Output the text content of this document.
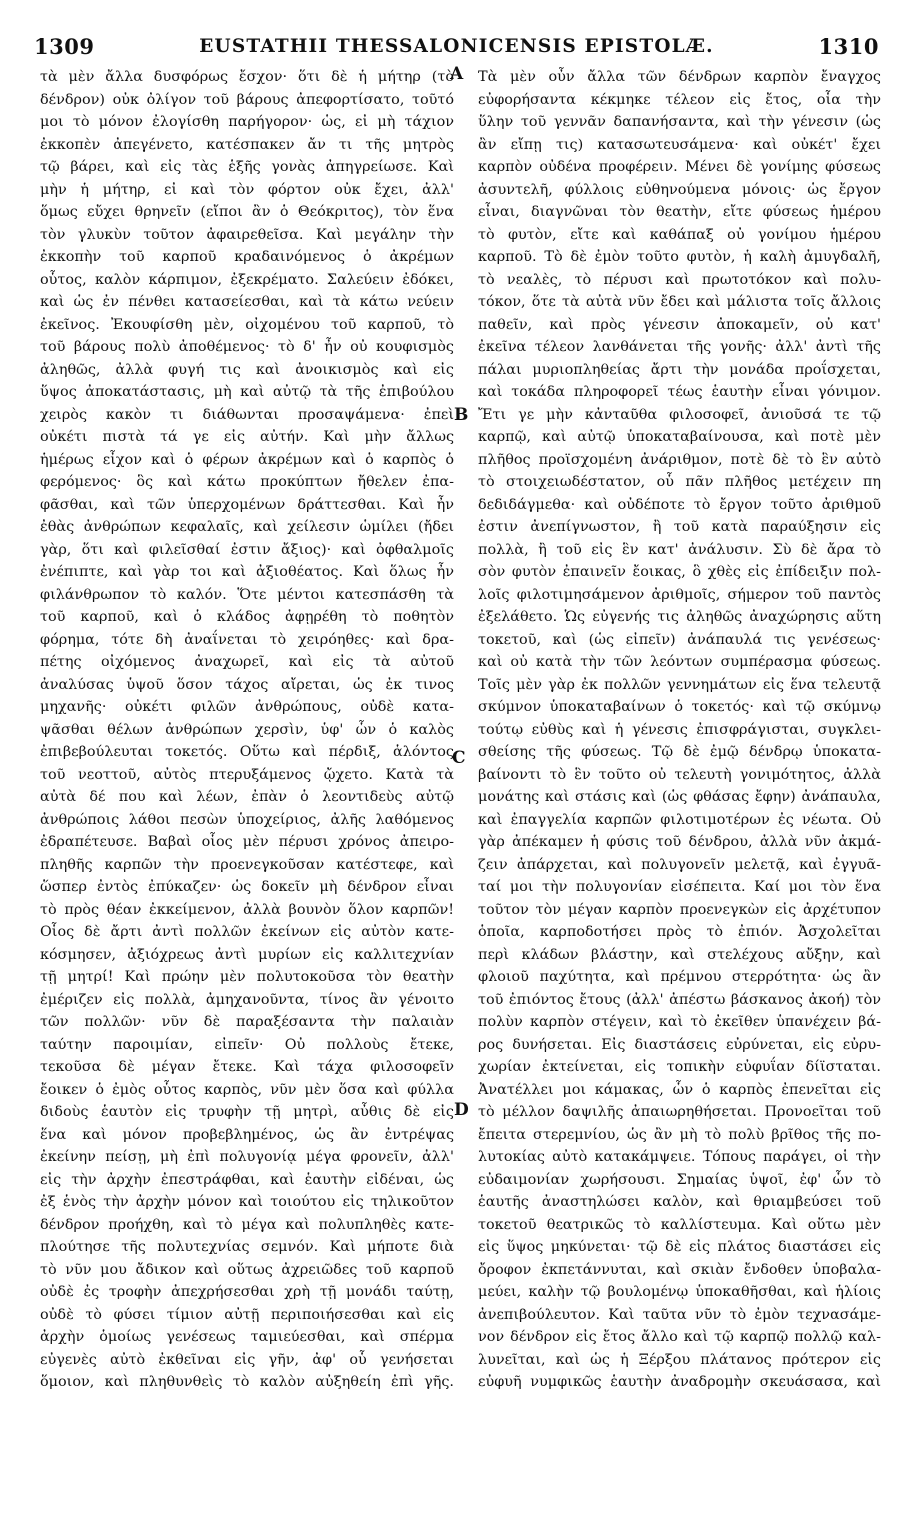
1309	EUSTATHII THESSALONICENSIS EPISTOLÆ.	1310
τὰ μὲν ἄλλα δυσφόρως ἔσχον· ὅτι δὲ ἡ μήτηρ (τὸ
δένδρον) οὐκ ὀλίγον τοῦ βάρους ἀπεφορτίσατο, τοῦτό
μοι τὸ μόνον ἐλογίσθη παρήγορον· ὡς, εἰ μὴ τάχιον
ἐκκοπὲν ἀπεγένετο, κατέσπακεν ἄν τι τῆς μητρὸς
τῷ βάρει, καὶ εἰς τὰς ἑξῆς γονὰς ἀπηγρείωσε. Καὶ
μὴν ἡ μήτηρ, εἰ καὶ τὸν φόρτον οὐκ ἔχει, ἀλλ'
ὅμως εὔχει θρηνεῖν (εἴποι ἂν ὁ Θεόκριτος), τὸν ἕνα
τὸν γλυκὺν τοῦτον ἀφαιρεθεῖσα. Καὶ μεγάλην τὴν
ἐκκοπὴν τοῦ καρποῦ κραδαινόμενος ὁ ἀκρέμων
οὗτος, καλὸν κάρπιμον, ἐξεκρέματο. Σαλεύειν ἐδόκει,
καὶ ὡς ἐν πένθει κατασείεσθαι, καὶ τὰ κάτω νεύειν
ἐκεῖνος. Ἐκουφίσθη μὲν, οἰχομένου τοῦ καρποῦ, τὸ
τοῦ βάρους πολὺ ἀποθέμενος· τὸ δ' ἦν οὐ κουφισμὸς
ἀληθῶς, ἀλλὰ φυγή τις καὶ ἀνοικισμὸς καὶ εἰς
ὕψος ἀποκατάστασις, μὴ καὶ αὐτῷ τὰ τῆς ἐπιβούλου
χειρὸς κακὸν τι διάθωνται προσαψάμενα· ἐπεὶ
οὐκέτι πιστὰ τά γε εἰς αὐτήν. Καὶ μὴν ἄλλως
ἡμέρως εἶχον καὶ ὁ φέρων ἀκρέμων καὶ ὁ καρπὸς ὁ
φερόμενος· ὃς καὶ κάτω προκύπτων ἤθελεν ἐπα-
φᾶσθαι, καὶ τῶν ὑπερχομένων δράττεσθαι. Καὶ ἦν
ἐθὰς ἀνθρώπων κεφαλαῖς, καὶ χείλεσιν ὡμίλει (ἤδει
γὰρ, ὅτι καὶ φιλεῖσθαί ἐστιν ἄξιος)· καὶ ὀφθαλμοῖς
ἐνέπιπτε, καὶ γὰρ τοι καὶ ἀξιοθέατος. Καὶ ὅλως ἦν
φιλάνθρωπον τὸ καλόν. Ὅτε μέντοι κατεσπάσθη τὰ
τοῦ καρποῦ, καὶ ὁ κλάδος ἀφῃρέθη τὸ ποθητὸν
φόρημα, τότε δὴ ἀναΐνεται τὸ χειρόηθες· καὶ δρα-
πέτης οἰχόμενος ἀναχωρεῖ, καὶ εἰς τὰ αὐτοῦ
ἀναλύσας ὑψοῦ ὅσον τάχος αἴρεται, ὡς ἐκ τινος
μηχανῆς· οὐκέτι φιλῶν ἀνθρώπους, οὐδὲ κατα-
ψᾶσθαι θέλων ἀνθρώπων χερσὶν, ὑφ' ὧν ὁ καλὸς
ἐπιβεβούλευται τοκετός. Οὕτω καὶ πέρδιξ, ἁλόντος
τοῦ νεοττοῦ, αὐτὸς πτερυξάμενος ᾤχετο. Κατὰ τὰ
αὐτὰ δέ που καὶ λέων, ἐπὰν ὁ λεοντιδεὺς αὐτῷ
ἀνθρώποις λάθοι πεσὼν ὑποχείριος, ἀλῆς λαθόμενος
ἐδραπέτευσε. Βαβαὶ οἷος μὲν πέρυσι χρόνος ἀπειρο-
πληθῆς καρπῶν τὴν προενεγκοῦσαν κατέστεφε, καὶ
ὥσπερ ἐντὸς ἐπύκαζεν· ὡς δοκεῖν μὴ δένδρον εἶναι
τὸ πρὸς θέαν ἐκκείμενον, ἀλλὰ βουνὸν ὅλον καρπῶν!
Οἷος δὲ ἄρτι ἀντὶ πολλῶν ἐκείνων εἰς αὐτὸν κατε-
κόσμησεν, ἀξιόχρεως ἀντὶ μυρίων εἰς καλλιτεχνίαν
τῇ μητρί! Καὶ πρώην μὲν πολυτοκοῦσα τὸν θεατὴν
ἐμέριζεν εἰς πολλὰ, ἀμηχανοῦντα, τίνος ἂν γένοιτο
τῶν πολλῶν· νῦν δὲ παραξέσαντα τὴν παλαιὰν
ταύτην παροιμίαν, εἰπεῖν· Οὐ πολλοὺς ἔτεκε,
τεκοῦσα δὲ μέγαν ἔτεκε. Καὶ τάχα φιλοσοφεῖν
ἔοικεν ὁ ἐμὸς οὗτος καρπὸς, νῦν μὲν ὅσα καὶ φύλλα
διδοὺς ἑαυτὸν εἰς τρυφὴν τῇ μητρὶ, αὖθις δὲ εἰς
ἕνα καὶ μόνον προβεβλημένος, ὡς ἂν ἐντρέψας
ἐκείνην πείσῃ, μὴ ἐπὶ πολυγονίᾳ μέγα φρονεῖν, ἀλλ'
εἰς τὴν ἀρχὴν ἐπεστράφθαι, καὶ ἑαυτὴν εἰδέναι, ὡς
ἐξ ἑνὸς τὴν ἀρχὴν μόνον καὶ τοιούτου εἰς τηλικοῦτον
δένδρον προήχθη, καὶ τὸ μέγα καὶ πολυπληθὲς κατε-
πλούτησε τῆς πολυτεχνίας σεμνόν. Καὶ μήποτε διὰ
τὸ νῦν μου ἄδικον καὶ οὕτως ἀχρειῶδες τοῦ καρποῦ
οὐδὲ ἐς τροφὴν ἀπεχρήσεσθαι χρὴ τῇ μονάδι ταύτῃ,
οὐδὲ τὸ φύσει τίμιον αὐτῇ περιποιήσεσθαι καὶ εἰς
ἀρχὴν ὁμοίως γενέσεως ταμιεύεσθαι, καὶ σπέρμα
εὐγενὲς αὐτὸ ἐκθεῖναι εἰς γῆν, ἀφ' οὗ γενήσεται
ὅμοιον, καὶ πληθυνθεὶς τὸ καλὸν αὐξηθείη ἐπὶ γῆς.
Τὰ μὲν οὖν ἄλλα τῶν δένδρων καρπὸν ἔναγχος
εὐφορήσαντα κέκμηκε τέλεον εἰς ἔτος, οἷα τὴν
ὕλην τοῦ γεννᾶν δαπανήσαντα, καὶ τὴν γένεσιν (ὡς
ἂν εἴπῃ τις) κατασωτευσάμενα· καὶ οὐκέτ' ἔχει
καρπὸν οὐδένα προφέρειν. Μένει δὲ γονίμης φύσεως
ἀσυντελῆ, φύλλοις εὐθηνούμενα μόνοις· ὡς ἔργον
εἶναι, διαγνῶναι τὸν θεατὴν, εἴτε φύσεως ἡμέρου
τὸ φυτὸν, εἴτε καὶ καθάπαξ οὐ γονίμου ἡμέρου
καρποῦ. Τὸ δὲ ἐμὸν τοῦτο φυτὸν, ἡ καλὴ ἀμυγδαλῆ,
τὸ νεαλὲς, τὸ πέρυσι καὶ πρωτοτόκον καὶ πολυ-
τόκον, ὅτε τὰ αὐτὰ νῦν ἔδει καὶ μάλιστα τοῖς ἄλλοις
παθεῖν, καὶ πρὸς γένεσιν ἀποκαμεῖν, οὐ κατ'
ἐκεῖνα τέλεον λανθάνεται τῆς γονῆς· ἀλλ' ἀντὶ τῆς
πάλαι μυριοπληθείας ἄρτι τὴν μονάδα προΐσχεται,
καὶ τοκάδα πληροφορεῖ τέως ἑαυτὴν εἶναι γόνιμον.
Ἔτι γε μὴν κἀνταῦθα φιλοσοφεῖ, ἀνιοῦσά τε τῷ
καρπῷ, καὶ αὐτῷ ὑποκαταβαίνουσα, καὶ ποτὲ μὲν
πλῆθος προϊσχομένη ἀνάριθμον, ποτὲ δὲ τὸ ἓν αὐτὸ
τὸ στοιχειωδέστατον, οὗ πᾶν πλῆθος μετέχειν πη
δεδιδάγμεθα· καὶ οὐδέποτε τὸ ἔργον τοῦτο ἀριθμοῦ
ἐστιν ἀνεπίγνωστον, ἢ τοῦ κατὰ παραύξησιν εἰς
πολλὰ, ἢ τοῦ εἰς ἓν κατ' ἀνάλυσιν. Σὺ δὲ ἄρα τὸ
σὸν φυτὸν ἐπαινεῖν ἔοικας, ὃ χθὲς εἰς ἐπίδειξιν πολ-
λοῖς φιλοτιμησάμενον ἀριθμοῖς, σήμερον τοῦ παντὸς
ἐξελάθετο. Ὡς εὐγενής τις ἀληθῶς ἀναχώρησις αὕτη
τοκετοῦ, καὶ (ὡς εἰπεῖν) ἀνάπαυλά τις γενέσεως·
καὶ οὐ κατὰ τὴν τῶν λεόντων συμπέρασμα φύσεως.
Τοῖς μὲν γὰρ ἐκ πολλῶν γεννημάτων εἰς ἕνα τελευτᾷ
σκύμνον ὑποκαταβαίνων ὁ τοκετός· καὶ τῷ σκύμνῳ
τούτῳ εὐθὺς καὶ ἡ γένεσις ἐπισφράγισται, συγκλει-
σθείσης τῆς φύσεως. Τῷ δὲ ἐμῷ δένδρῳ ὑποκατα-
βαίνοντι τὸ ἓν τοῦτο οὐ τελευτὴ γονιμότητος, ἀλλὰ
μονάτης καὶ στάσις καὶ (ὡς φθάσας ἔφην) ἀνάπαυλα,
καὶ ἐπαγγελία καρπῶν φιλοτιμοτέρων ἐς νέωτα. Οὐ
γὰρ ἀπέκαμεν ἡ φύσις τοῦ δένδρου, ἀλλὰ νῦν ἀκμά-
ζειν ἀπάρχεται, καὶ πολυγονεῖν μελετᾷ, καὶ ἐγγυᾶ-
ταί μοι τὴν πολυγονίαν εἰσέπειτα. Καί μοι τὸν ἕνα
τοῦτον τὸν μέγαν καρπὸν προενεγκὼν εἰς ἀρχέτυπον
ὁποῖα, καρποδοτήσει πρὸς τὸ ἐπιόν. Ἀσχολεῖται
περὶ κλάδων βλάστην, καὶ στελέχους αὔξην, καὶ
φλοιοῦ παχύτητα, καὶ πρέμνου στερρότητα· ὡς ἂν
τοῦ ἐπιόντος ἔτους (ἀλλ' ἀπέστω βάσκανος ἀκοή) τὸν
πολὺν καρπὸν στέγειν, καὶ τὸ ἐκεῖθεν ὑπανέχειν βά-
ρος δυνήσεται. Εἰς διαστάσεις εὐρύνεται, εἰς εὐρυ-
χωρίαν ἐκτείνεται, εἰς τοπικὴν εὐφυΐαν δίϊσταται.
Ἀνατέλλει μοι κάμακας, ὧν ὁ καρπὸς ἐπενεῖται εἰς
τὸ μέλλον δαψιλῆς ἀπαιωρηθήσεται. Προνοεῖται τοῦ
ἔπειτα στερεμνίου, ὡς ἂν μὴ τὸ πολὺ βρῖθος τῆς πο-
λυτοκίας αὐτὸ κατακάμψειε. Τόπους παράγει, οἱ τὴν
εὐδαιμονίαν χωρήσουσι. Σημαίας ὑψοῖ, ἐφ' ὧν τὸ
ἑαυτῆς ἀναστηλώσει καλὸν, καὶ θριαμβεύσει τοῦ
τοκετοῦ θεατρικῶς τὸ καλλίστευμα. Καὶ οὕτω μὲν
εἰς ὕψος μηκύνεται· τῷ δὲ εἰς πλάτος διαστάσει εἰς
ὄροφον ἐκπετάννυται, καὶ σκιὰν ἔνδοθεν ὑποβαλα-
μεύει, καλὴν τῷ βουλομένῳ ὑποκαθῆσθαι, καὶ ἡλίοις
ἀνεπιβούλευτον. Καὶ ταῦτα νῦν τὸ ἐμὸν τεχνασάμε-
νον δένδρον εἰς ἔτος ἄλλο καὶ τῷ καρπῷ πολλῷ καλ-
λυνεῖται, καὶ ὡς ἡ Ξέρξου πλάτανος πρότερον εἰς
εὐφυῆ νυμφικῶς ἑαυτὴν ἀναδρομὴν σκευάσασα, καὶ
A
B
C
D
